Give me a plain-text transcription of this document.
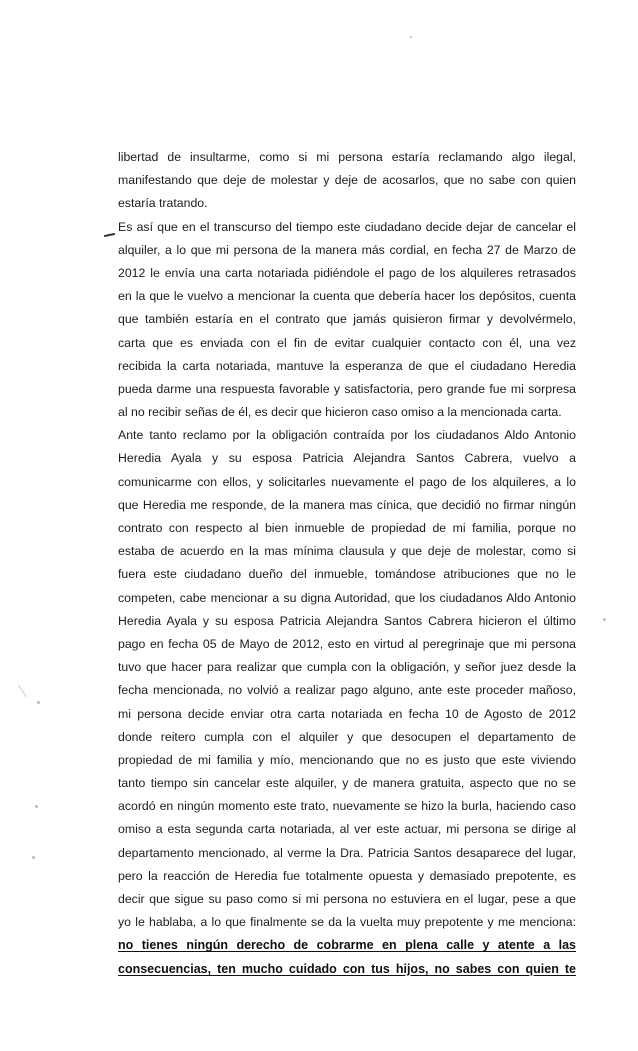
libertad de insultarme, como si mi persona estaría reclamando algo ilegal,
manifestando que deje de molestar y deje de acosarlos, que no sabe con quien
estaría tratando.
Es así que en el transcurso del tiempo este ciudadano decide dejar de cancelar el
alquiler, a lo que mi persona de la manera más cordial, en fecha 27 de Marzo de
2012 le envía una carta notariada pidiéndole el pago de los alquileres retrasados
en la que le vuelvo a mencionar la cuenta que debería hacer los depósitos, cuenta
que también estaría en el contrato que jamás quisieron firmar y devolvérmelo,
carta que es enviada con el fin de evitar cualquier contacto con él, una vez
recibida la carta notariada, mantuve la esperanza de que el ciudadano Heredia
pueda darme una respuesta favorable y satisfactoria, pero grande fue mi sorpresa
al no recibir señas de él, es decir que hicieron caso omiso a la mencionada carta.
Ante tanto reclamo por la obligación contraída por los ciudadanos Aldo Antonio
Heredia Ayala y su esposa Patricia Alejandra Santos Cabrera, vuelvo a
comunicarme con ellos, y solicitarles nuevamente el pago de los alquileres, a lo
que Heredia me responde, de la manera mas cínica, que decidió no firmar ningún
contrato con respecto al bien inmueble de propiedad de mi familia, porque no
estaba de acuerdo en la mas mínima clausula y que deje de molestar, como si
fuera este ciudadano dueño del inmueble, tomándose atribuciones que no le
competen, cabe mencionar a su digna Autoridad, que los ciudadanos Aldo Antonio
Heredia Ayala y su esposa Patricia Alejandra Santos Cabrera hicieron el último
pago en fecha 05 de Mayo de 2012, esto en virtud al peregrinaje que mi persona
tuvo que hacer para realizar que cumpla con la obligación, y señor juez desde la
fecha mencionada, no volvió a realizar pago alguno, ante este proceder mañoso,
mi persona decide enviar otra carta notariada en fecha 10 de Agosto de 2012
donde reitero cumpla con el alquiler y que desocupen el departamento de
propiedad de mi familia y mío, mencionando que no es justo que este viviendo
tanto tiempo sin cancelar este alquiler, y de manera gratuita, aspecto que no se
acordó en ningún momento este trato, nuevamente se hizo la burla, haciendo caso
omiso a esta segunda carta notariada, al ver este actuar, mi persona se dirige al
departamento mencionado, al verme la Dra. Patricia Santos desaparece del lugar,
pero la reacción de Heredia fue totalmente opuesta y demasiado prepotente, es
decir que sigue su paso como si mi persona no estuviera en el lugar, pese a que
yo le hablaba, a lo que finalmente se da la vuelta muy prepotente y me menciona:
no tienes ningún derecho de cobrarme en plena calle y atente a las
consecuencias, ten mucho cuidado con tus hijos, no sabes con quien te
